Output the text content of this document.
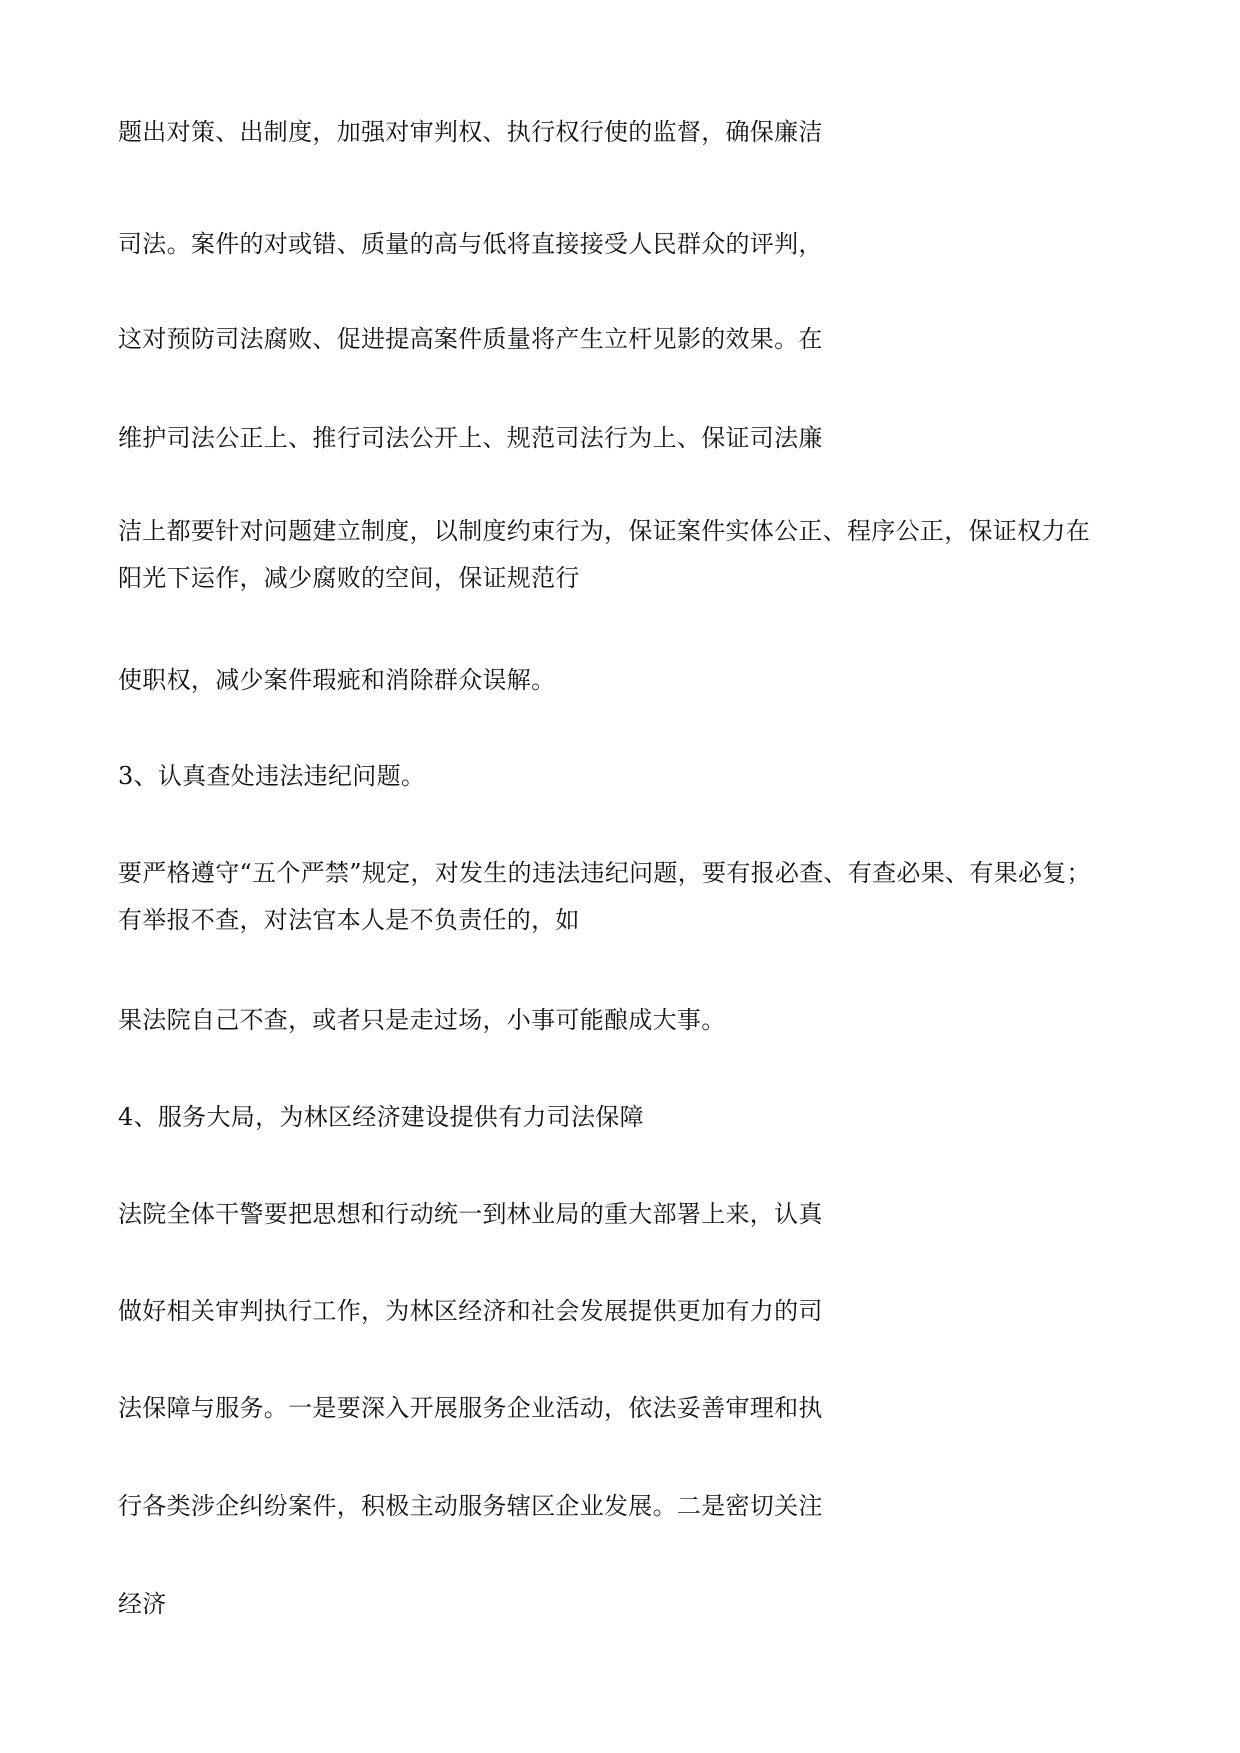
题出对策、出制度，加强对审判权、执行权行使的监督，确保廉洁

司法。案件的对或错、质量的高与低将直接接受人民群众的评判，

这对预防司法腐败、促进提高案件质量将产生立杆见影的效果。在

维护司法公正上、推行司法公开上、规范司法行为上、保证司法廉

洁上都要针对问题建立制度，以制度约束行为，保证案件实体公正、程序公正，保证权力在

阳光下运作，减少腐败的空间，保证规范行

使职权，减少案件瑕疵和消除群众误解。

3、认真查处违法违纪问题。

要严格遵守“五个严禁”规定，对发生的违法违纪问题，要有报必查、有查必果、有果必复；

有举报不查，对法官本人是不负责任的，如

果法院自己不查，或者只是走过场，小事可能酿成大事。

4、服务大局，为林区经济建设提供有力司法保障

法院全体干警要把思想和行动统一到林业局的重大部署上来，认真

做好相关审判执行工作，为林区经济和社会发展提供更加有力的司

法保障与服务。一是要深入开展服务企业活动，依法妥善审理和执

行各类涉企纠纷案件，积极主动服务辖区企业发展。二是密切关注

经济
